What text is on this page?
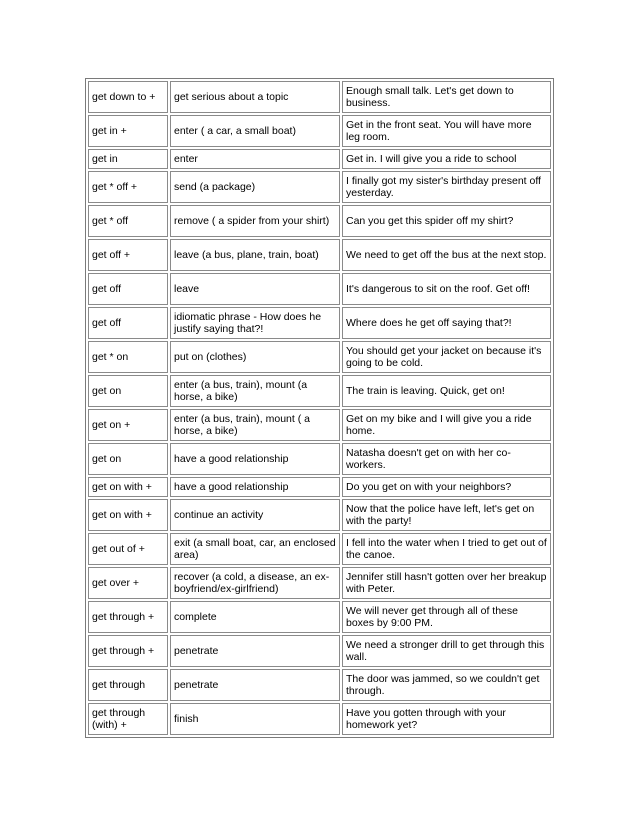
get down to +	get serious about a topic	Enough small talk. Let's get down to business.
get in +	enter ( a car, a small boat)	Get in the front seat. You will have more leg room.
get in	enter	Get in. I will give you a ride to school
get * off +	send (a package)	I finally got my sister's birthday present off yesterday.
get * off	remove ( a spider from your shirt)	Can you get this spider off my shirt?
get off +	leave (a bus, plane, train, boat)	We need to get off the bus at the next stop.
get off	leave	It's dangerous to sit on the roof. Get off!
get off	idiomatic phrase - How does he justify saying that?!	Where does he get off saying that?!
get * on	put on (clothes)	You should get your jacket on because it's going to be cold.
get on	enter (a bus, train), mount (a horse, a bike)	The train is leaving. Quick, get on!
get on +	enter (a bus, train), mount ( a horse, a bike)	Get on my bike and I will give you a ride home.
get on	have a good relationship	Natasha doesn't get on with her co-workers.
get on with +	have a good relationship	Do you get on with your neighbors?
get on with +	continue an activity	Now that the police have left, let's get on with the party!
get out of +	exit (a small boat, car, an enclosed area)	I fell into the water when I tried to get out of the canoe.
get over +	recover (a cold, a disease, an ex-boyfriend/ex-girlfriend)	Jennifer still hasn't gotten over her breakup with Peter.
get through +	complete	We will never get through all of these boxes by 9:00 PM.
get through +	penetrate	We need a stronger drill to get through this wall.
get through	penetrate	The door was jammed, so we couldn't get through.
get through (with) +	finish	Have you gotten through with your homework yet?
